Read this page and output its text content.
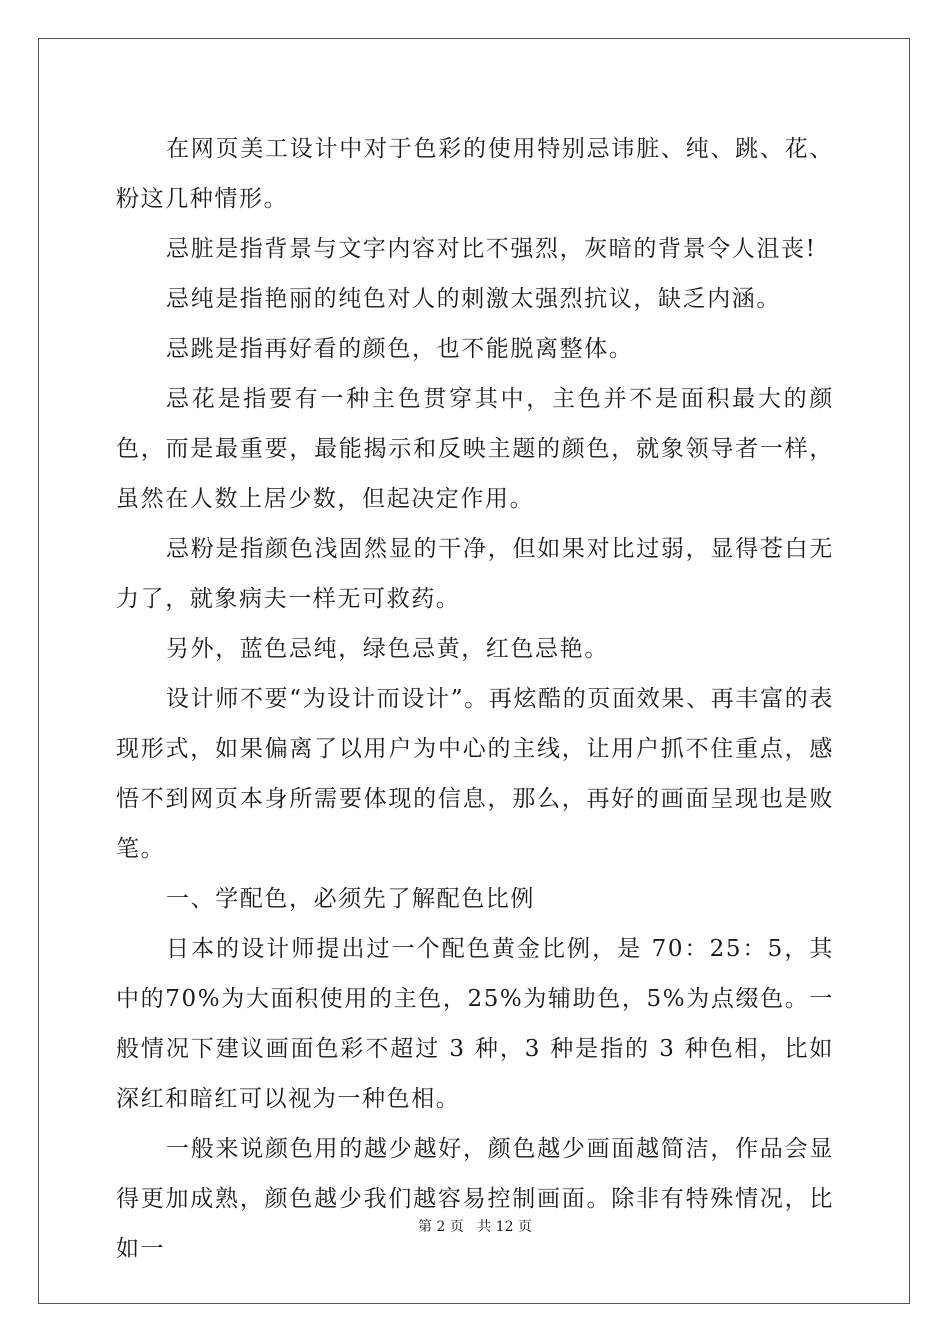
在网页美工设计中对于色彩的使用特别忌讳脏、纯、跳、花、粉这几种情形。

忌脏是指背景与文字内容对比不强烈，灰暗的背景令人沮丧!

忌纯是指艳丽的纯色对人的刺激太强烈抗议，缺乏内涵。

忌跳是指再好看的颜色，也不能脱离整体。

忌花是指要有一种主色贯穿其中，主色并不是面积最大的颜色，而是最重要，最能揭示和反映主题的颜色，就象领导者一样，虽然在人数上居少数，但起决定作用。

忌粉是指颜色浅固然显的干净，但如果对比过弱，显得苍白无力了，就象病夫一样无可救药。

另外，蓝色忌纯，绿色忌黄，红色忌艳。

设计师不要“为设计而设计”。再炫酷的页面效果、再丰富的表现形式，如果偏离了以用户为中心的主线，让用户抓不住重点，感悟不到网页本身所需要体现的信息，那么，再好的画面呈现也是败笔。

一、学配色，必须先了解配色比例

日本的设计师提出过一个配色黄金比例，是 70：25：5，其中的70%为大面积使用的主色，25%为辅助色，5%为点缀色。一般情况下建议画面色彩不超过 3 种，3 种是指的 3 种色相，比如深红和暗红可以视为一种色相。

一般来说颜色用的越少越好，颜色越少画面越简洁，作品会显得更加成熟，颜色越少我们越容易控制画面。除非有特殊情况，比如一

第 2 页 共 12 页
